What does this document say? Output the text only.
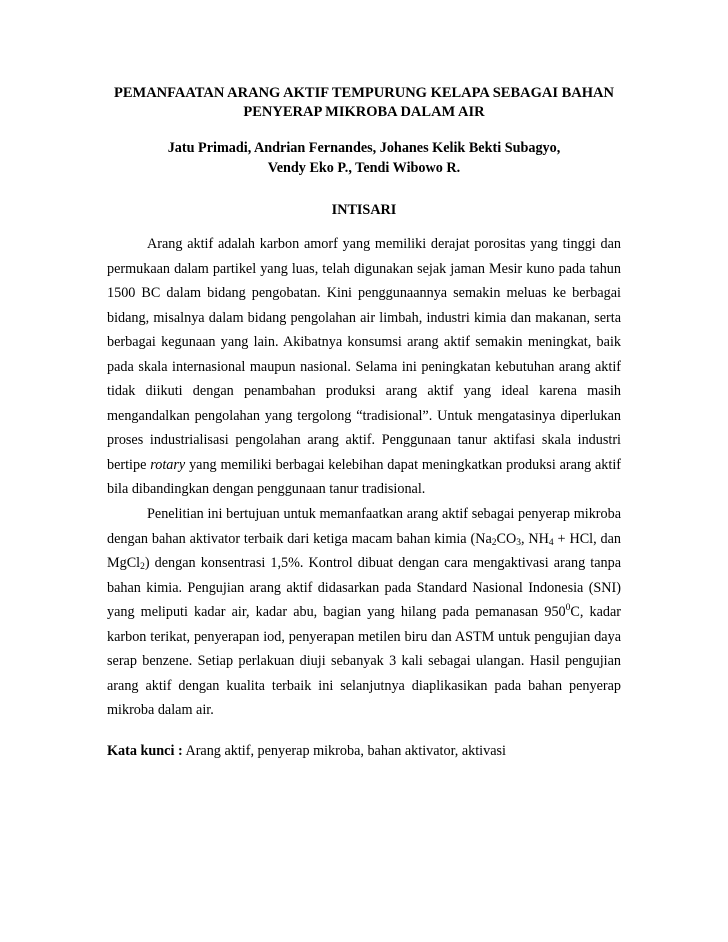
PEMANFAATAN ARANG AKTIF TEMPURUNG KELAPA SEBAGAI BAHAN
PENYERAP MIKROBA DALAM AIR
Jatu Primadi, Andrian Fernandes, Johanes Kelik Bekti Subagyo,
Vendy Eko P., Tendi Wibowo R.
INTISARI

Arang aktif adalah karbon amorf yang memiliki derajat porositas yang tinggi dan permukaan dalam partikel yang luas, telah digunakan sejak jaman Mesir kuno pada tahun 1500 BC dalam bidang pengobatan. Kini penggunaannya semakin meluas ke berbagai bidang, misalnya dalam bidang pengolahan air limbah, industri kimia dan makanan, serta berbagai kegunaan yang lain. Akibatnya konsumsi arang aktif semakin meningkat, baik pada skala internasional maupun nasional. Selama ini peningkatan kebutuhan arang aktif tidak diikuti dengan penambahan produksi arang aktif yang ideal karena masih mengandalkan pengolahan yang tergolong “tradisional”. Untuk mengatasinya diperlukan proses industrialisasi pengolahan arang aktif. Penggunaan tanur aktifasi skala industri bertipe rotary yang memiliki berbagai kelebihan dapat meningkatkan produksi arang aktif bila dibandingkan dengan penggunaan tanur tradisional.

Penelitian ini bertujuan untuk memanfaatkan arang aktif sebagai penyerap mikroba dengan bahan aktivator terbaik dari ketiga macam bahan kimia ($Na_2CO_3$, $NH_4$ + HCl, dan MgCl$_2$) dengan konsentrasi 1,5%. Kontrol dibuat dengan cara mengaktivasi arang tanpa bahan kimia. Pengujian arang aktif didasarkan pada Standard Nasional Indonesia (SNI) yang meliputi kadar air, kadar abu, bagian yang hilang pada pemanasan $950^0C$, kadar karbon terikat, penyerapan iod, penyerapan metilen biru dan ASTM untuk pengujian daya serap benzene. Setiap perlakuan diuji sebanyak 3 kali sebagai ulangan. Hasil pengujian arang aktif dengan kualita terbaik ini selanjutnya diaplikasikan pada bahan penyerap mikroba dalam air.

Kata kunci : Arang aktif, penyerap mikroba, bahan aktivator, aktivasi
